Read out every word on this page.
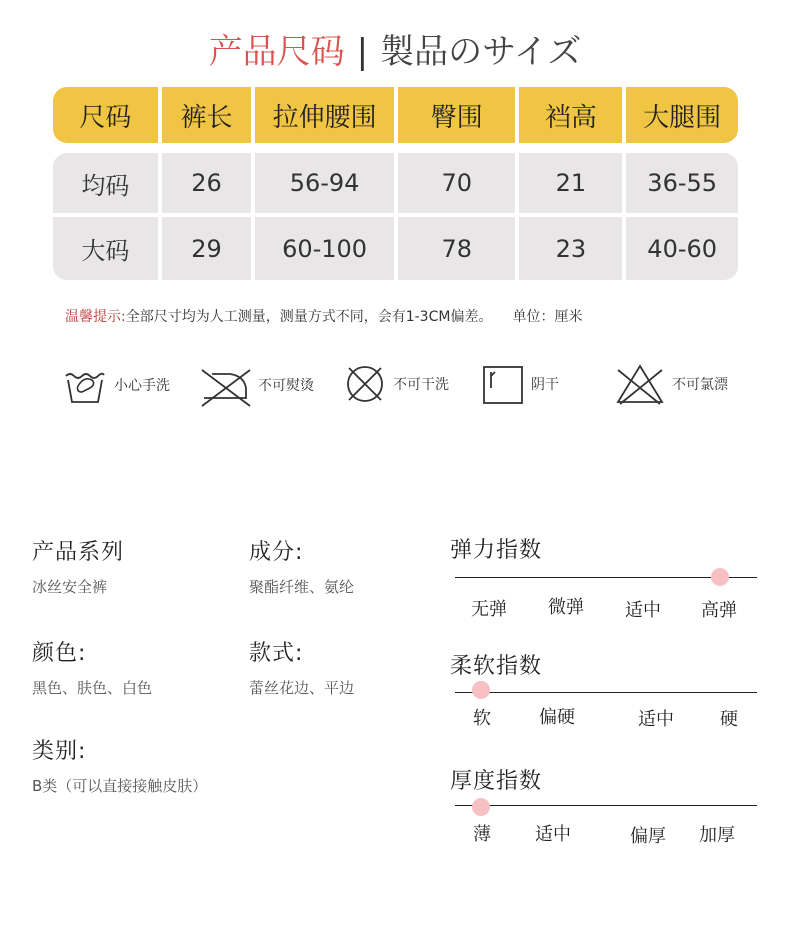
产品尺码 | 製品のサイズ
尺码	裤长	拉伸腰围	臀围	裆高	大腿围
均码	26	56-94	70	21	36-55
大码	29	60-100	78	23	40-60
温馨提示:全部尺寸均为人工测量，测量方式不同，会有1-3CM偏差。 单位：厘米
小心手洗	不可熨烫	不可干洗	阴干	不可氯漂
产品系列
冰丝安全裤
成分:
聚酯纤维、氨纶
颜色:
黑色、肤色、白色
款式:
蕾丝花边、平边
类别:
B类（可以直接接触皮肤）
弹力指数
无弹 微弹 适中 高弹
柔软指数
软	偏硬	适中	硬
厚度指数
薄 适中	偏厚 加厚
